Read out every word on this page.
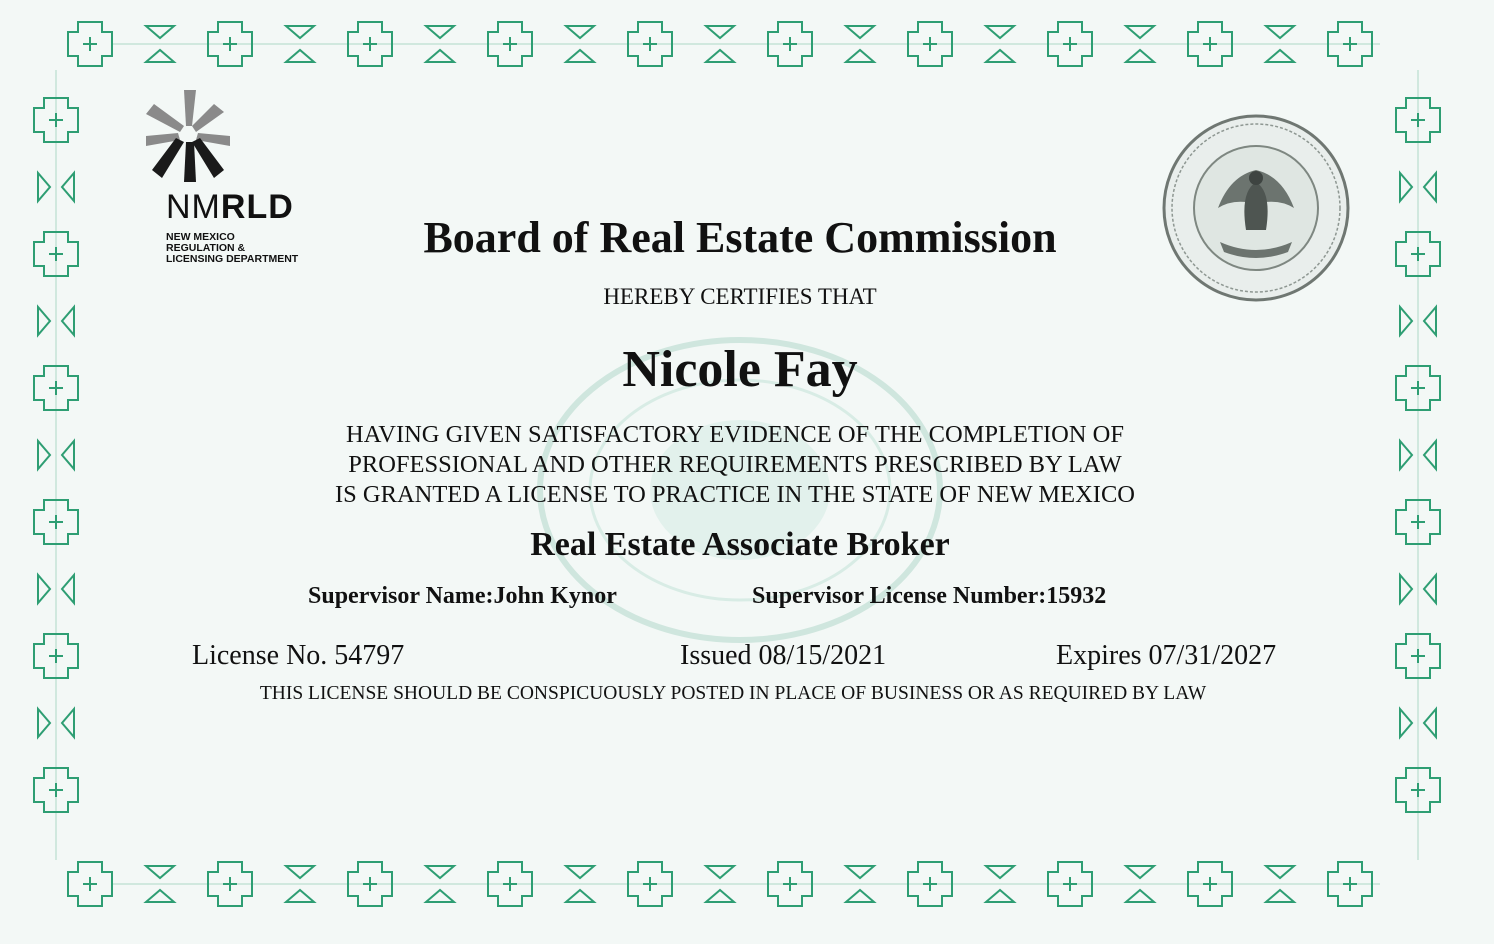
NMRLD
NEW MEXICO
REGULATION &
LICENSING DEPARTMENT	Board of Real Estate Commission
HEREBY CERTIFIES THAT
Nicole Fay
HAVING GIVEN SATISFACTORY EVIDENCE OF THE COMPLETION OF
PROFESSIONAL AND OTHER REQUIREMENTS PRESCRIBED BY LAW
IS GRANTED A LICENSE TO PRACTICE IN THE STATE OF NEW MEXICO
Real Estate Associate Broker
Supervisor Name:John Kynor	Supervisor License Number:15932
License No. 54797	Issued 08/15/2021	Expires 07/31/2027
THIS LICENSE SHOULD BE CONSPICUOUSLY POSTED IN PLACE OF BUSINESS OR AS REQUIRED BY LAW
